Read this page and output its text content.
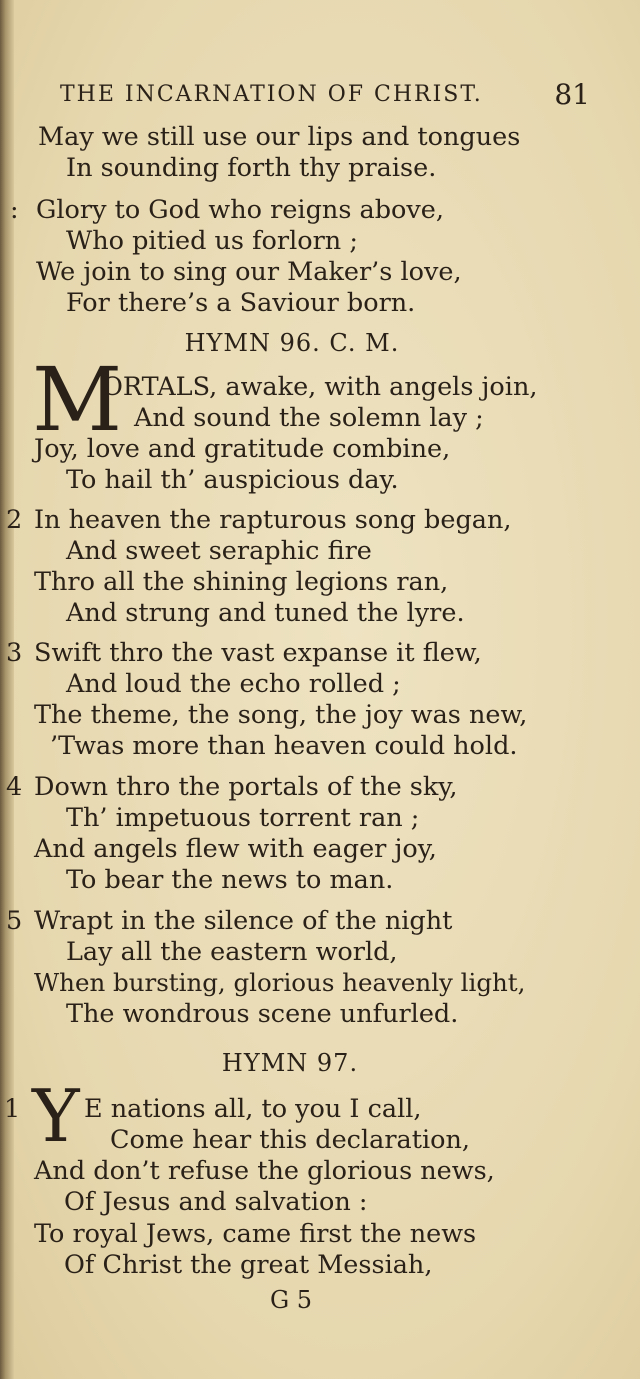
THE INCARNATION OF CHRIST.	81
May we still use our lips and tongues
In sounding forth thy praise.
: Glory to God who reigns above,
Who pitied us forlorn ;
We join to sing our Maker’s love,
For there’s a Saviour born.
HYMN 96. C. M.
M
ORTALS, awake, with angels join,
And sound the solemn lay ;
Joy, love and gratitude combine,
To hail th’ auspicious day.
2 In heaven the rapturous song began,
And sweet seraphic fire
Thro all the shining legions ran,
And strung and tuned the lyre.
3 Swift thro the vast expanse it flew,
And loud the echo rolled ;
The theme, the song, the joy was new,
’Twas more than heaven could hold.
4 Down thro the portals of the sky,
Th’ impetuous torrent ran ;
And angels flew with eager joy,
To bear the news to man.
5 Wrapt in the silence of the night
Lay all the eastern world,
When bursting, glorious heavenly light,
The wondrous scene unfurled.
HYMN 97.
1 Y E nations all, to you I call,
Come hear this declaration,
And don’t refuse the glorious news,
Of Jesus and salvation :
To royal Jews, came first the news
Of Christ the great Messiah,
G 5
